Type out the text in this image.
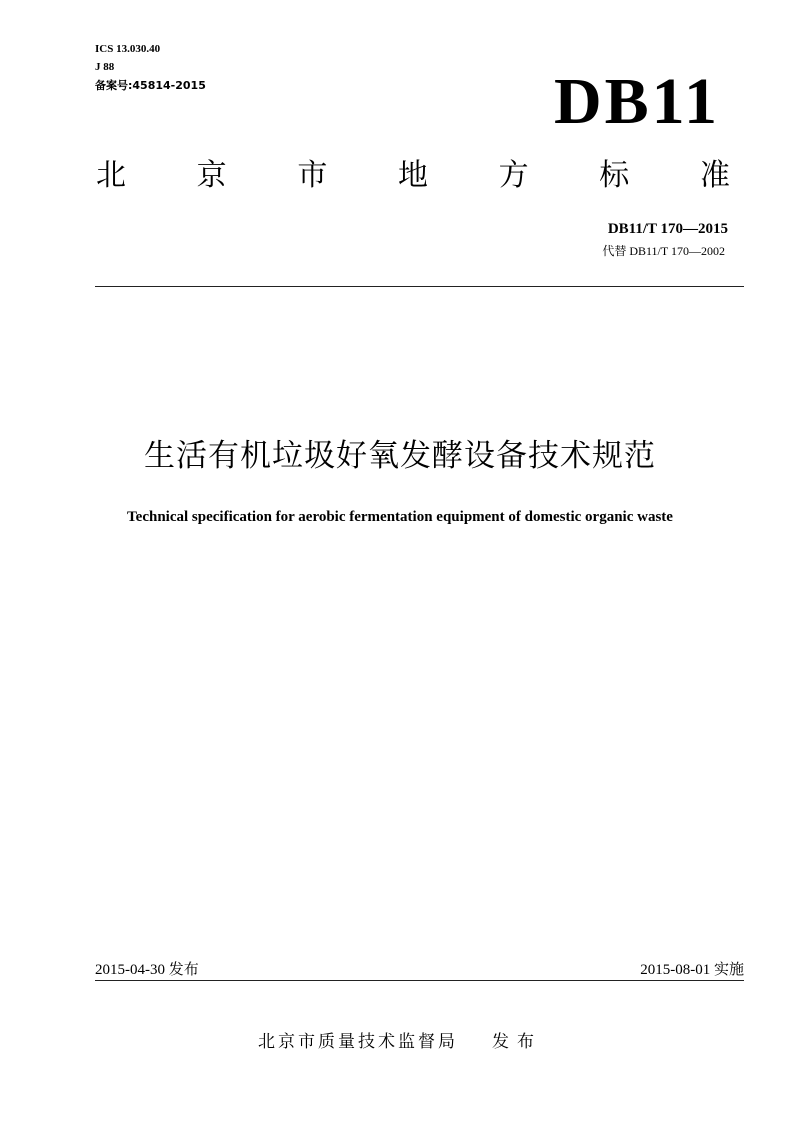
ICS 13.030.40
J 88
备案号:45814-2015	DB11
北 京 市 地 方 标 准
DB11/T 170—2015
代替 DB11/T 170—2002
生活有机垃圾好氧发酵设备技术规范
Technical specification for aerobic fermentation equipment of domestic organic waste
2015-04-30 发布	2015-08-01 实施
北京市质量技术监督局 发布
